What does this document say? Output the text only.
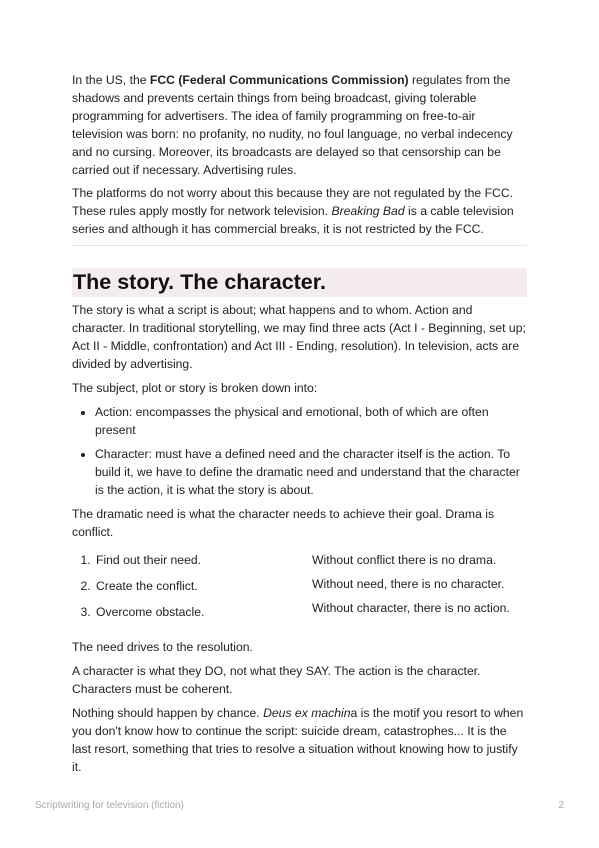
In the US, the FCC (Federal Communications Commission) regulates from the shadows and prevents certain things from being broadcast, giving tolerable programming for advertisers. The idea of family programming on free-to-air television was born: no profanity, no nudity, no foul language, no verbal indecency and no cursing. Moreover, its broadcasts are delayed so that censorship can be carried out if necessary. Advertising rules.

The platforms do not worry about this because they are not regulated by the FCC. These rules apply mostly for network television. Breaking Bad is a cable television series and although it has commercial breaks, it is not restricted by the FCC.

The story. The character.

The story is what a script is about; what happens and to whom. Action and character. In traditional storytelling, we may find three acts (Act I - Beginning, set up; Act II - Middle, confrontation) and Act III - Ending, resolution). In television, acts are divided by advertising.

The subject, plot or story is broken down into:

• Action: encompasses the physical and emotional, both of which are often present
• Character: must have a defined need and the character itself is the action. To build it, we have to define the dramatic need and understand that the character is the action, it is what the story is about.

The dramatic need is what the character needs to achieve their goal. Drama is conflict.

1. Find out their need.
2. Create the conflict.
3. Overcome obstacle.
Without conflict there is no drama.
Without need, there is no character.
Without character, there is no action.

The need drives to the resolution.

A character is what they DO, not what they SAY. The action is the character. Characters must be coherent.

Nothing should happen by chance. Deus ex machina is the motif you resort to when you don't know how to continue the script: suicide dream, catastrophes... It is the last resort, something that tries to resolve a situation without knowing how to justify it.

Scriptwriting for television (fiction)	2
